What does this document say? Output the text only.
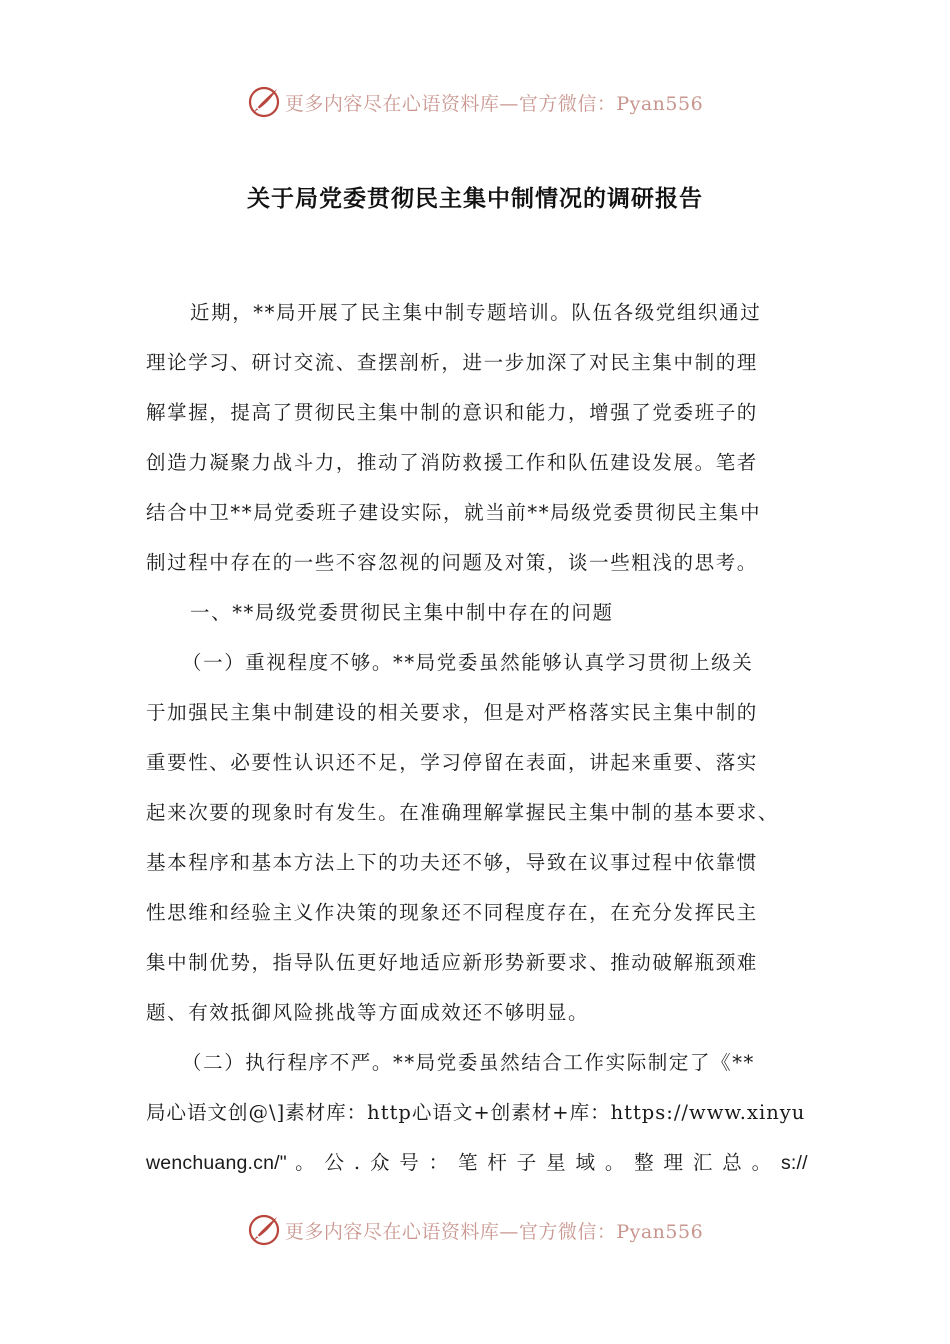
更多内容尽在心语资料库—官方微信：Pyan556
关于局党委贯彻民主集中制情况的调研报告
近期，**局开展了民主集中制专题培训。队伍各级党组织通过
理论学习、研讨交流、查摆剖析，进一步加深了对民主集中制的理
解掌握，提高了贯彻民主集中制的意识和能力，增强了党委班子的
创造力凝聚力战斗力，推动了消防救援工作和队伍建设发展。笔者
结合中卫**局党委班子建设实际，就当前**局级党委贯彻民主集中
制过程中存在的一些不容忽视的问题及对策，谈一些粗浅的思考。
一、**局级党委贯彻民主集中制中存在的问题
（一）重视程度不够。**局党委虽然能够认真学习贯彻上级关
于加强民主集中制建设的相关要求，但是对严格落实民主集中制的
重要性、必要性认识还不足，学习停留在表面，讲起来重要、落实
起来次要的现象时有发生。在准确理解掌握民主集中制的基本要求、
基本程序和基本方法上下的功夫还不够，导致在议事过程中依靠惯
性思维和经验主义作决策的现象还不同程度存在，在充分发挥民主
集中制优势，指导队伍更好地适应新形势新要求、推动破解瓶颈难
题、有效抵御风险挑战等方面成效还不够明显。
（二）执行程序不严。**局党委虽然结合工作实际制定了《**
局心语文创@\]素材库：http心语文+创素材+库：https://www.xinyu
wenchuang.cn/" 。 公 . 众 号 ： 笔 杆 子 星 域 。 整 理 汇 总 。 s://
更多内容尽在心语资料库—官方微信：Pyan556
